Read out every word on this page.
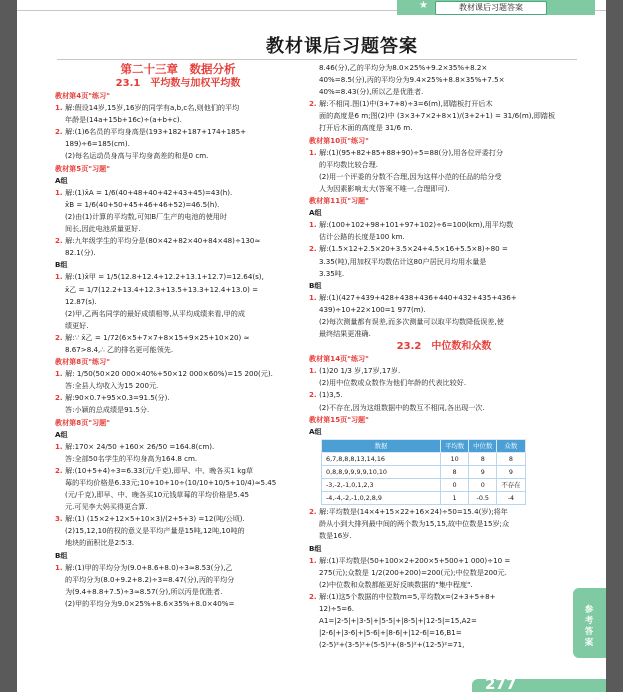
★	教材课后习题答案
教材课后习题答案

第二十三章　数据分析

23.1　平均数与加权平均数

教材第4页"练习"

1. 解:假设14岁,15岁,16岁的同学有a,b,c名,则他们的平均

年龄是(14a+15b+16c)÷(a+b+c).

2. 解:(1)6名员的平均身高是(193+182+187+174+185+

189)÷6=185(cm).

(2)每名运动员身高与平均身高差的和是0 cm.

教材第5页"习题"

A组

1. 解:(1)x̄A = 1/6(40+48+40+42+43+45)=43(h).

x̄B = 1/6(40+50+45+46+46+52)=46.5(h).

(2)由(1)计算的平均数,可知B厂生产的电池的使用时

间长,因此电池质量更好.

2. 解:九年级学生的平均分是(80×42+82×40+84×48)÷130≈

82.1(分).

B组

1. 解:(1)x̄甲 = 1/5(12.8+12.4+12.2+13.1+12.7)=12.64(s),

x̄乙 = 1/7(12.2+13.4+12.3+13.5+13.3+12.4+13.0) =

12.87(s).

(2)甲,乙两名同学的最好成绩相等,从平均成绩来看,甲的成

绩更好.

2. 解:∵ x̄乙 = 1/72(6×5+7×7+8×15+9×25+10×20) ≈

8.67>8.4,∴ 乙的排名更可能领先.

教材第8页"练习"

1. 解: 1/50(50×20 000×40%+50×12 000×60%)=15 200(元).

答:全县人均收入为15 200元.

2. 解:90×0.7+95×0.3=91.5(分).

答:小颖的总成绩是91.5分.

教材第8页"习题"

A组

1. 解:170× 24/50 +160× 26/50 =164.8(cm).

答:全部50名学生的平均身高为164.8 cm.

2. 解:(10+5+4)÷3=6.33(元/千克),即早、中、晚各买1 kg草

莓的平均价格是6.33元;10+10+10÷(10/10+10/5+10/4)≈5.45

(元/千克),即早、中、晚各买10元钱草莓的平均价格是5.45

元.可见李大妈买得更合算.

3. 解:(1) (15×2+12×5+10×3)/(2+5+3) =12(吨/公顷).

(2)15,12,10的权的意义是平均产量是15吨,12吨,10吨的

地块的面积比是2∶5∶3.

B组

1. 解:(1)甲的平均分为(9.0+8.6+8.0)÷3≈8.53(分),乙

的平均分为(8.0+9.2+8.2)÷3=8.47(分),丙的平均分

为(9.4+8.8+7.5)÷3≈8.57(分),所以丙是优胜者.

(2)甲的平均分为9.0×25%+8.6×35%+8.0×40%=

8.46(分),乙的平均分为8.0×25%+9.2×35%+8.2×

40%=8.5(分),丙的平均分为9.4×25%+8.8×35%+7.5×

40%=8.43(分),所以乙是优胜者.

2. 解:不相同.图(1)中(3+7+8)÷3=6(m),即踏板打开后木

面的高度是6 m;图(2)中 (3×3+7×2+8×1)/(3+2+1) = 31/6(m),即踏板

打开后木面的高度是 31/6 m.

教材第10页"练习"

1. 解:(1)(95+82+85+88+90)÷5=88(分),用各位评委打分

的平均数比较合理.

(2)用一个评委的分数不合理,因为这样小范的任品的给分受

人为因素影响太大(答案不唯一,合理即可).

教材第11页"习题"

A组

1. 解:(100+102+98+101+97+102)÷6=100(km),用平均数

估计公路的长度是100 km.

2. 解:(1.5×12+2.5×20+3.5×24+4.5×16+5.5×8)÷80 =

3.35(吨),用加权平均数估计这80户居民月均用水量是

3.35吨.

B组

1. 解:(1)(427+439+428+438+436+440+432+435+436+

439)÷10+22×100=1 977(m).

(2)每次测量都有误差,而多次测量可以取平均数降低误差,使

最终结果更准确.

23.2　中位数和众数

教材第14页"练习"

1. (1)20 1/3 岁,17岁,17岁.

(2)用中位数或众数作为他们年龄的代表比较好.

2. (1)3,5.

(2)不存在,因为这组数据中的数互不相同,各出现一次.

教材第15页"习题"

A组

数据	平均数	中位数	众数
6,7,8,8,8,13,14,16	10	8	8
0,8,8,9,9,9,9,10,10	8	9	9
-3,-2,-1,0,1,2,3	0	0	不存在
-4,-4,-2,-1,0,2,8,9	1	-0.5	-4

2. 解:平均数是(14×4+15×22+16×24)÷50=15.4(岁);将年

龄从小到大排列最中间的两个数为15,15,故中位数是15岁;众

数是16岁.

B组

1. 解:(1)平均数是(50+100×2+200×5+500+1 000)÷10 =

275(元);众数是 1/2(200+200)=200(元);中位数是200元.

(2)中位数和众数都能更好反映数据的"集中程度".

2. 解:(1)这5个数据的中位数m=5,平均数x=(2+3+5+8+

12)÷5=6.

A1=|2-5|+|3-5|+|5-5|+|8-5|+|12-5|=15,A2=

|2-6|+|3-6|+|5-6|+|8-6|+|12-6|=16,B1=

(2-5)²+(3-5)²+(5-5)²+(8-5)²+(12-5)²=71,

参考答案
277
